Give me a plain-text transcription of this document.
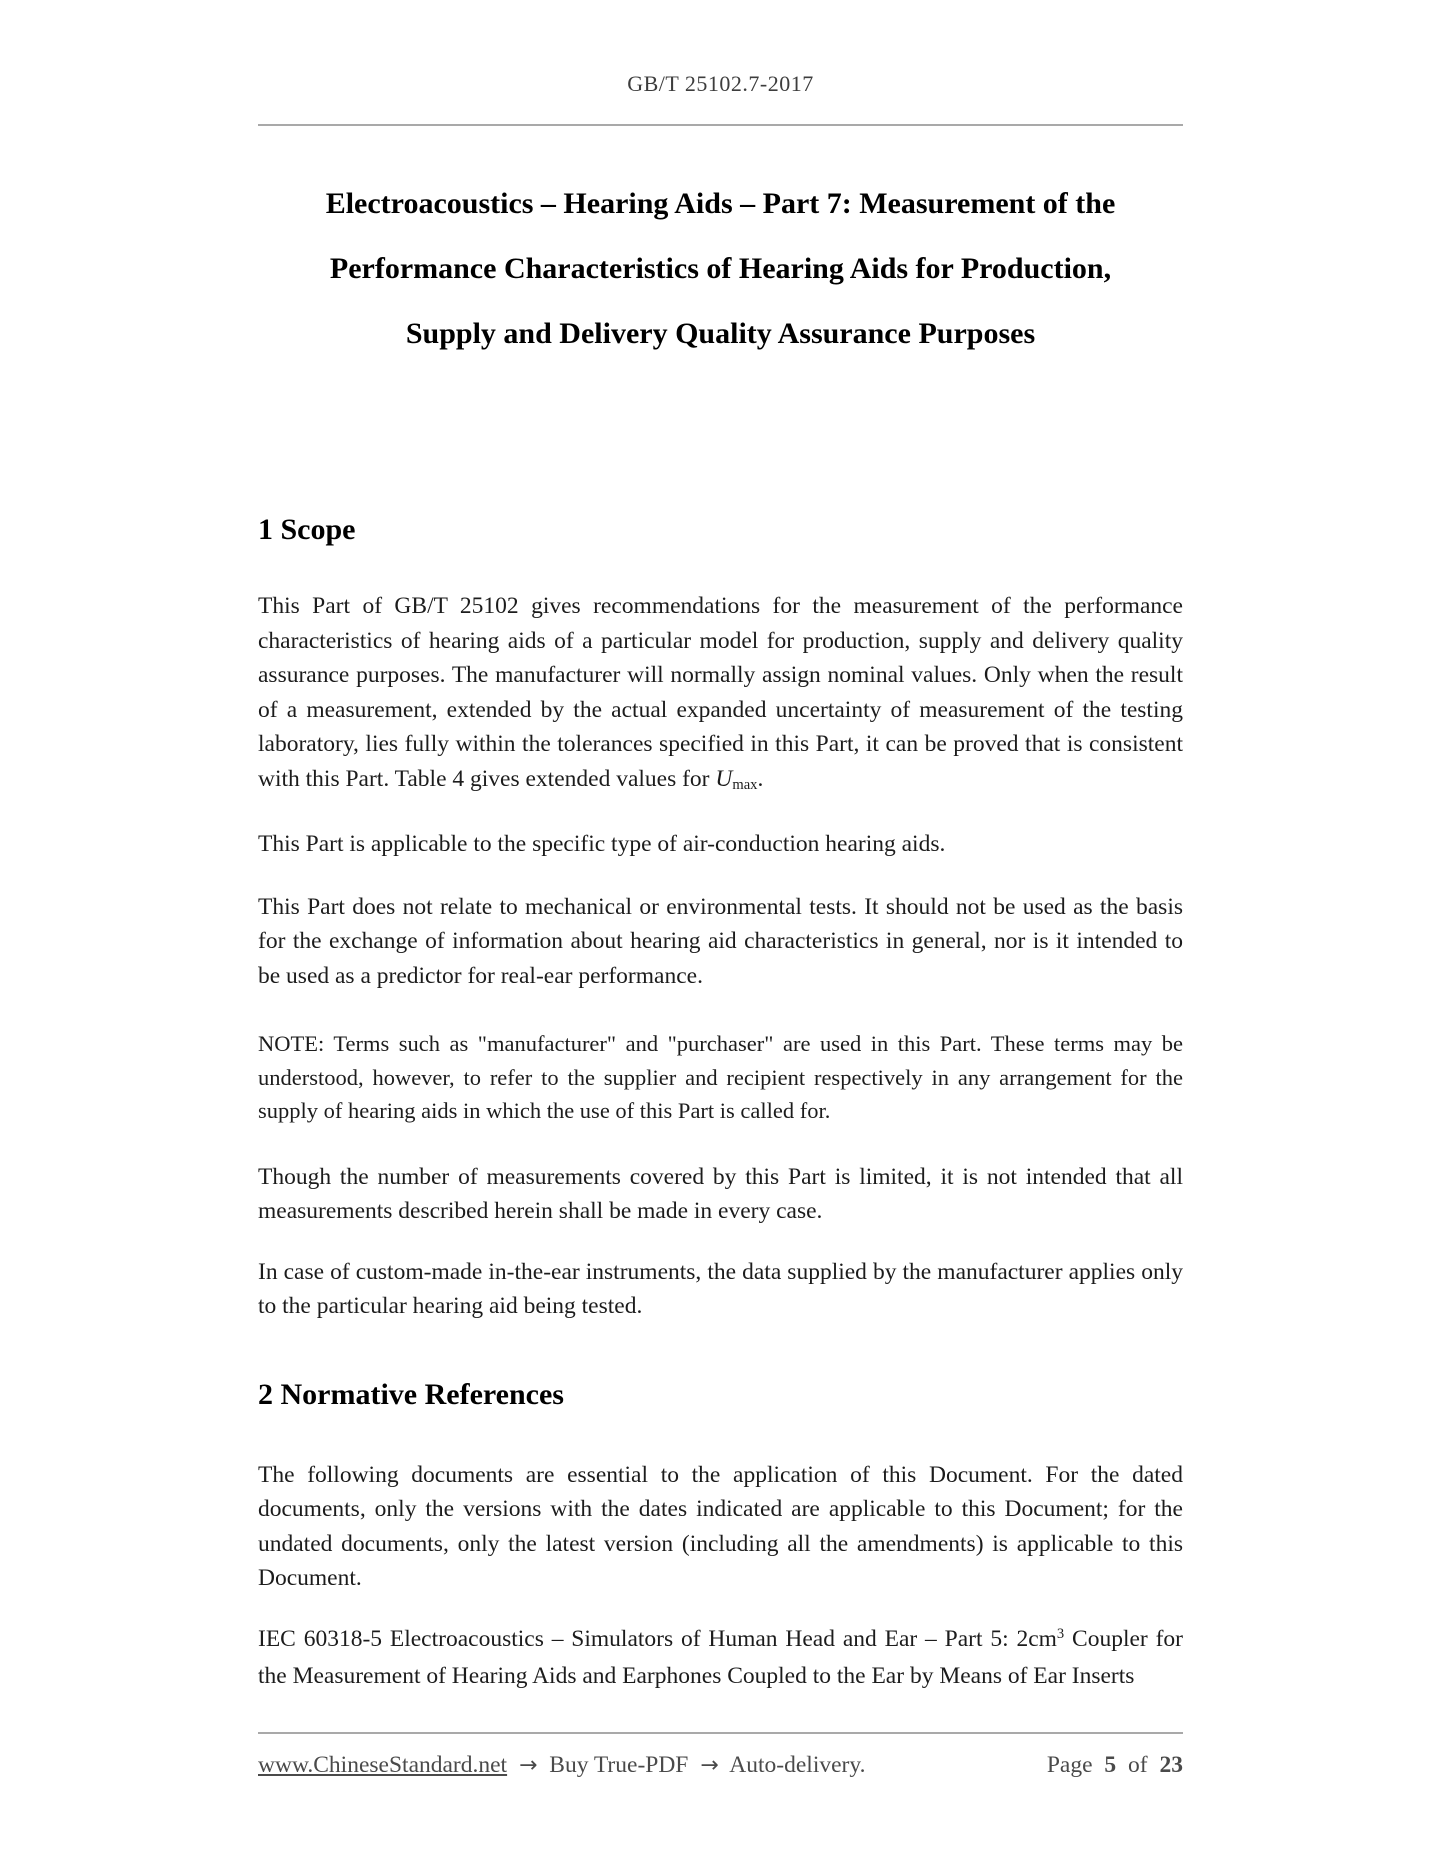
GB/T 25102.7-2017
Electroacoustics – Hearing Aids – Part 7: Measurement of the
Performance Characteristics of Hearing Aids for Production,
Supply and Delivery Quality Assurance Purposes
1 Scope

This Part of GB/T 25102 gives recommendations for the measurement of the performance characteristics of hearing aids of a particular model for production, supply and delivery quality assurance purposes. The manufacturer will normally assign nominal values. Only when the result of a measurement, extended by the actual expanded uncertainty of measurement of the testing laboratory, lies fully within the tolerances specified in this Part, it can be proved that is consistent with this Part. Table 4 gives extended values for $U_{max}$.

This Part is applicable to the specific type of air-conduction hearing aids.

This Part does not relate to mechanical or environmental tests. It should not be used as the basis for the exchange of information about hearing aid characteristics in general, nor is it intended to be used as a predictor for real-ear performance.

NOTE: Terms such as "manufacturer" and "purchaser" are used in this Part. These terms may be understood, however, to refer to the supplier and recipient respectively in any arrangement for the supply of hearing aids in which the use of this Part is called for.

Though the number of measurements covered by this Part is limited, it is not intended that all measurements described herein shall be made in every case.

In case of custom-made in-the-ear instruments, the data supplied by the manufacturer applies only to the particular hearing aid being tested.

2 Normative References

The following documents are essential to the application of this Document. For the dated documents, only the versions with the dates indicated are applicable to this Document; for the undated documents, only the latest version (including all the amendments) is applicable to this Document.

IEC 60318-5 Electroacoustics – Simulators of Human Head and Ear – Part 5: $2cm^3$ Coupler for the Measurement of Hearing Aids and Earphones Coupled to the Ear by Means of Ear Inserts

www.ChineseStandard.net → Buy True-PDF → Auto-delivery.	Page 5 of 23
